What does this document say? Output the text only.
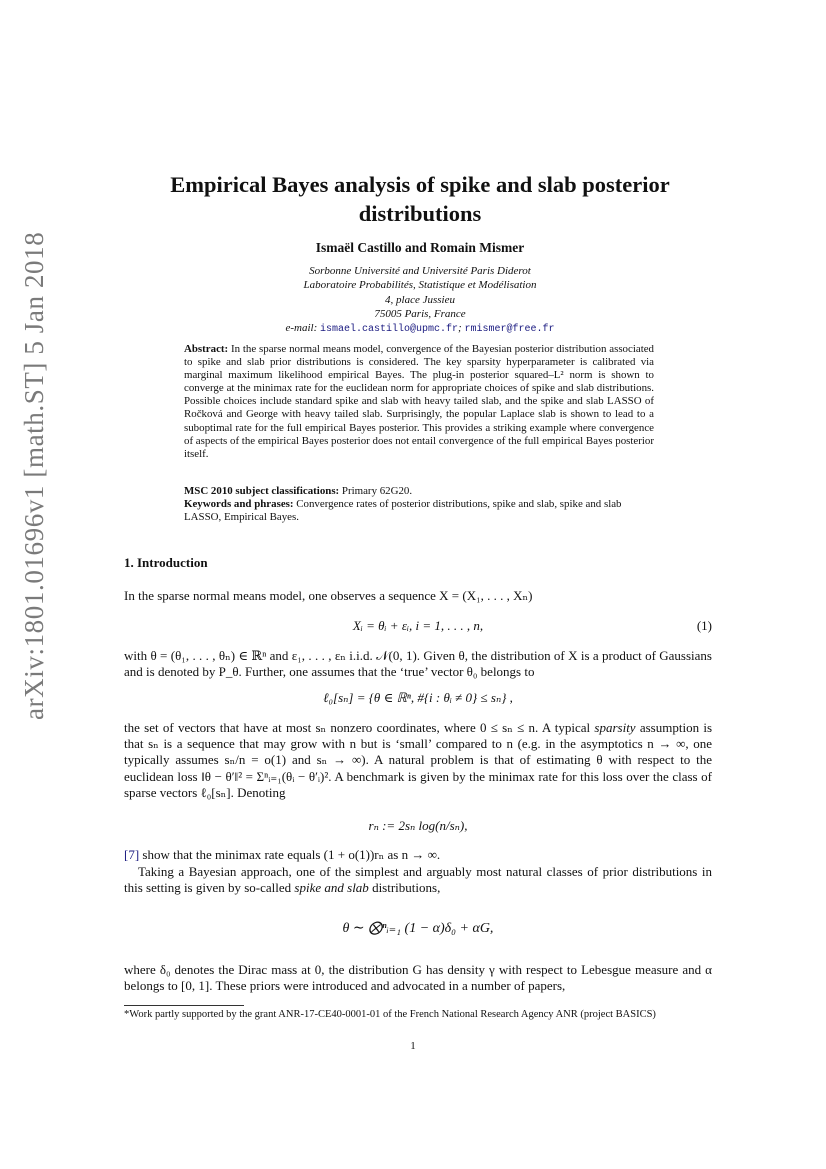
arXiv:1801.01696v1 [math.ST] 5 Jan 2018
Empirical Bayes analysis of spike and slab posterior distributions
Ismaël Castillo and Romain Mismer
Sorbonne Université and Université Paris Diderot
Laboratoire Probabilités, Statistique et Modélisation
4, place Jussieu
75005 Paris, France
e-mail: ismael.castillo@upmc.fr; rmismer@free.fr
Abstract: In the sparse normal means model, convergence of the Bayesian posterior distribution associated to spike and slab prior distributions is considered. The key sparsity hyperparameter is calibrated via marginal maximum likelihood empirical Bayes. The plug-in posterior squared–L² norm is shown to converge at the minimax rate for the euclidean norm for appropriate choices of spike and slab distributions. Possible choices include standard spike and slab with heavy tailed slab, and the spike and slab LASSO of Ročková and George with heavy tailed slab. Surprisingly, the popular Laplace slab is shown to lead to a suboptimal rate for the full empirical Bayes posterior. This provides a striking example where convergence of aspects of the empirical Bayes posterior does not entail convergence of the full empirical Bayes posterior itself.
MSC 2010 subject classifications: Primary 62G20.
Keywords and phrases: Convergence rates of posterior distributions, spike and slab, spike and slab LASSO, Empirical Bayes.
1. Introduction
In the sparse normal means model, one observes a sequence X = (X₁, . . . , Xₙ)
Xᵢ = θᵢ + εᵢ, i = 1, . . . , n,	(1)
with θ = (θ₁, . . . , θₙ) ∈ ℝⁿ and ε₁, . . . , εₙ i.i.d. 𝒩(0, 1). Given θ, the distribution of X is a product of Gaussians and is denoted by P_θ. Further, one assumes that the ‘true’ vector θ₀ belongs to
ℓ₀[sₙ] = {θ ∈ ℝⁿ, #{i : θᵢ ≠ 0} ≤ sₙ} ,
the set of vectors that have at most sₙ nonzero coordinates, where 0 ≤ sₙ ≤ n. A typical sparsity assumption is that sₙ is a sequence that may grow with n but is ‘small’ compared to n (e.g. in the asymptotics n → ∞, one typically assumes sₙ/n = o(1) and sₙ → ∞). A natural problem is that of estimating θ with respect to the euclidean loss ‖θ − θ′‖² = Σⁿᵢ₌₁(θᵢ − θ′ᵢ)². A benchmark is given by the minimax rate for this loss over the class of sparse vectors ℓ₀[sₙ]. Denoting
rₙ := 2sₙ log(n/sₙ),
[7] show that the minimax rate equals (1 + o(1))rₙ as n → ∞.
Taking a Bayesian approach, one of the simplest and arguably most natural classes of prior distributions in this setting is given by so-called spike and slab distributions,
θ ∼ ⨂ⁿᵢ₌₁ (1 − α)δ₀ + αG,
where δ₀ denotes the Dirac mass at 0, the distribution G has density γ with respect to Lebesgue measure and α belongs to [0, 1]. These priors were introduced and advocated in a number of papers,
*Work partly supported by the grant ANR-17-CE40-0001-01 of the French National Research Agency ANR (project BASICS)
1
